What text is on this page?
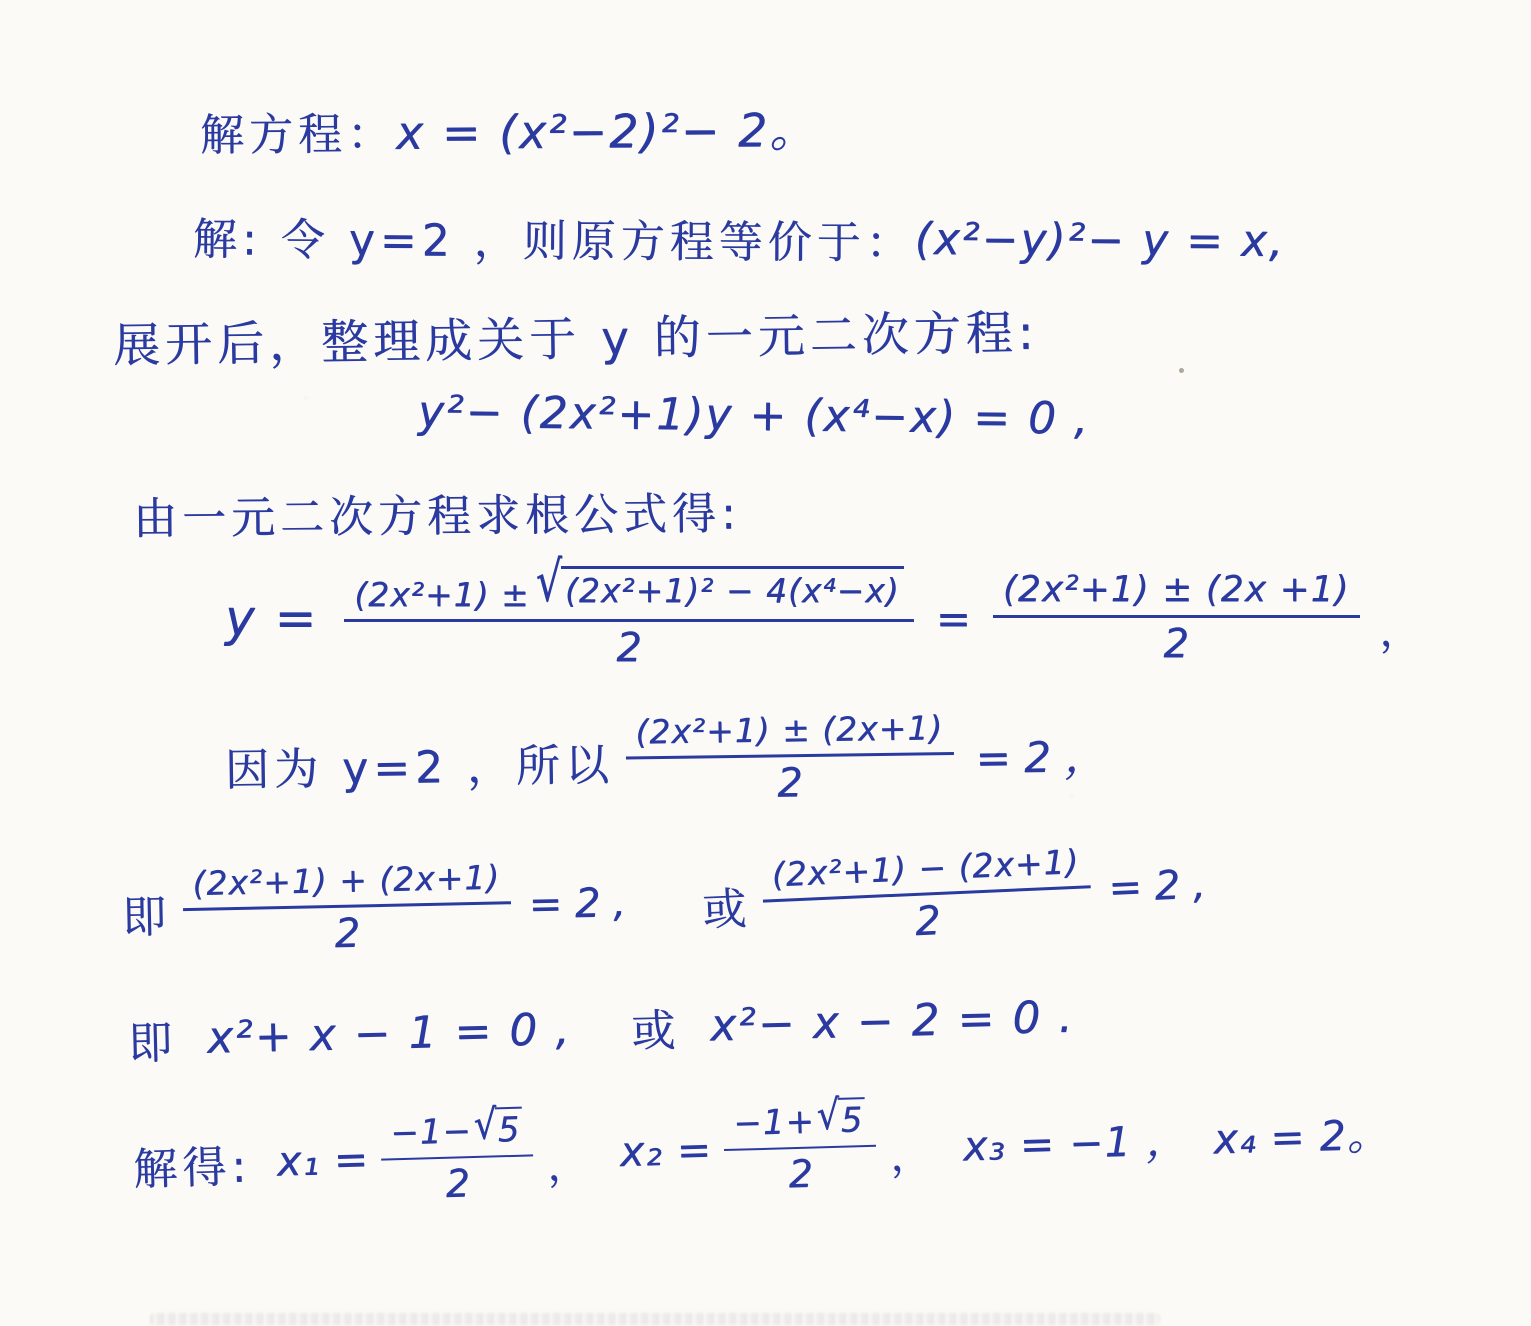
解方程： x = (x²−2)²− 2。
解: 令 y=2 ，则原方程等价于： (x²−y)²− y = x,
展开后，整理成关于 y 的一元二次方程:
y²− (2x²+1)y + (x⁴−x) = 0 ,
由一元二次方程求根公式得:
$y = \frac{\text{(2x²+1) ± √ (2x²+1)² − 4(x⁴−x)}}{2} = \frac{\text{(2x²+1) ± (2x +1)}}{2}$ ，
因为 y=2 ，所以 $\frac{\text{(2x²+1) ± (2x+1)}}{2} = 2$ ，
即 $\frac{\text{(2x²+1) + (2x+1)}}{2} = 2$ , 或 $\frac{\text{(2x²+1) − (2x+1)}}{2} = 2$ ,
即 x²+ x − 1 = 0 , 或 x²− x − 2 = 0 .
解得: x₁ = −1− √
5
2 ， x₂ = −1+ √
5
2 ， x₃ = −1 ， x₄ = 2。
